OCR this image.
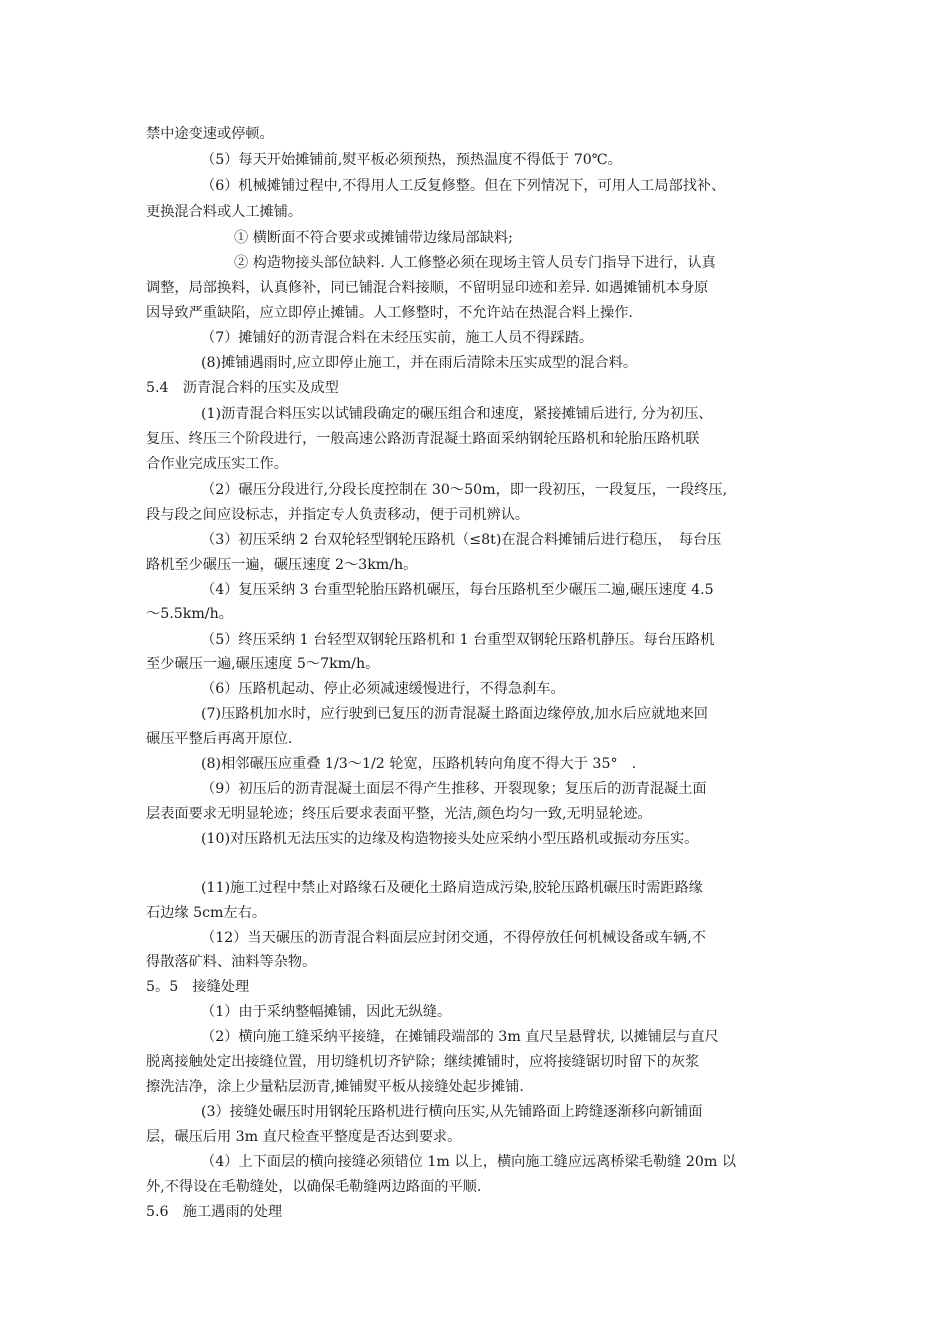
禁中途变速或停顿。
（5）每天开始摊铺前,熨平板必须预热，预热温度不得低于 70℃。
（6）机械摊铺过程中,不得用人工反复修整。但在下列情况下，可用人工局部找补、
更换混合料或人工摊铺。
① 横断面不符合要求或摊铺带边缘局部缺料;
② 构造物接头部位缺料. 人工修整必须在现场主管人员专门指导下进行，认真
调整，局部换料，认真修补，同已铺混合料接顺，不留明显印迹和差异. 如遇摊铺机本身原
因导致严重缺陷，应立即停止摊铺。人工修整时，不允许站在热混合料上操作.
（7）摊铺好的沥青混合料在未经压实前，施工人员不得踩踏。
(8)摊铺遇雨时,应立即停止施工，并在雨后清除未压实成型的混合料。
5.4　沥青混合料的压实及成型
(1)沥青混合料压实以试铺段确定的碾压组合和速度，紧接摊铺后进行, 分为初压、
复压、终压三个阶段进行，一般高速公路沥青混凝土路面采纳钢轮压路机和轮胎压路机联
合作业完成压实工作。
（2）碾压分段进行,分段长度控制在 30～50m，即一段初压，一段复压，一段终压,
段与段之间应设标志，并指定专人负责移动，便于司机辨认。
（3）初压采纳 2 台双轮轻型钢轮压路机（≤8t)在混合料摊铺后进行稳压，　每台压
路机至少碾压一遍，碾压速度 2～3km/h。
（4）复压采纳 3 台重型轮胎压路机碾压，每台压路机至少碾压二遍,碾压速度 4.5
～5.5km/h。
（5）终压采纳 1 台轻型双钢轮压路机和 1 台重型双钢轮压路机静压。每台压路机
至少碾压一遍,碾压速度 5～7km/h。
（6）压路机起动、停止必须减速缓慢进行，不得急刹车。
(7)压路机加水时，应行驶到已复压的沥青混凝土路面边缘停放,加水后应就地来回
碾压平整后再离开原位.
(8)相邻碾压应重叠 1/3～1/2 轮宽，压路机转向角度不得大于 35°　.
（9）初压后的沥青混凝土面层不得产生推移、开裂现象；复压后的沥青混凝土面
层表面要求无明显轮迹；终压后要求表面平整，光洁,颜色均匀一致,无明显轮迹。
(10)对压路机无法压实的边缘及构造物接头处应采纳小型压路机或振动夯压实。
(11)施工过程中禁止对路缘石及硬化土路肩造成污染,胶轮压路机碾压时需距路缘
石边缘 5cm左右。
（12）当天碾压的沥青混合料面层应封闭交通，不得停放任何机械设备或车辆,不
得散落矿料、油料等杂物。
5。5　接缝处理
（1）由于采纳整幅摊铺，因此无纵缝。
（2）横向施工缝采纳平接缝，在摊铺段端部的 3m 直尺呈悬臂状, 以摊铺层与直尺
脱离接触处定出接缝位置，用切缝机切齐铲除；继续摊铺时，应将接缝锯切时留下的灰浆
擦洗洁净，涂上少量粘层沥青,摊铺熨平板从接缝处起步摊铺.
(3）接缝处碾压时用钢轮压路机进行横向压实,从先铺路面上跨缝逐渐移向新铺面
层，碾压后用 3m 直尺检查平整度是否达到要求。
（4）上下面层的横向接缝必须错位 1m 以上，横向施工缝应远离桥梁毛勒缝 20m 以
外,不得设在毛勒缝处，以确保毛勒缝两边路面的平顺.
5.6　施工遇雨的处理
